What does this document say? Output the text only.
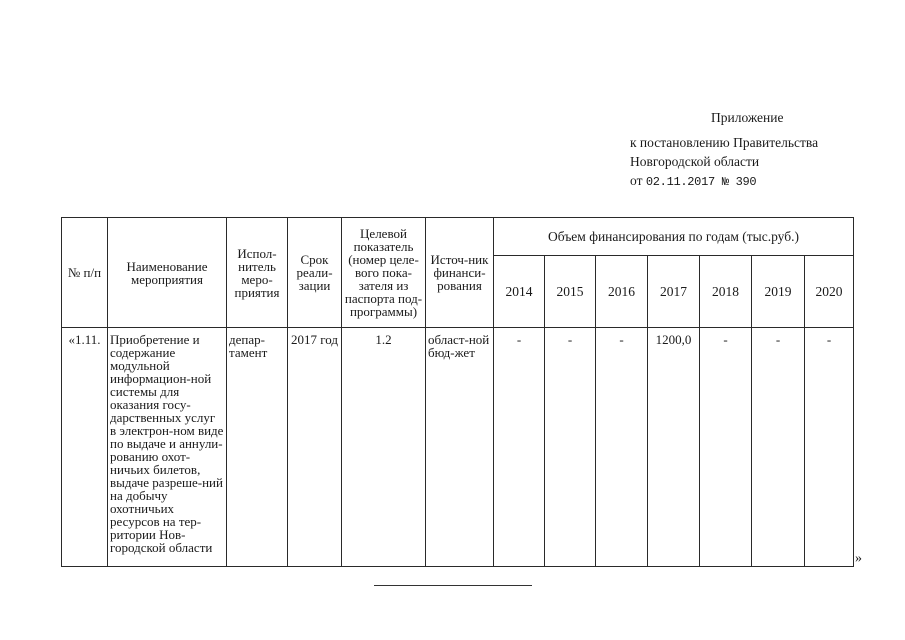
Приложение
к постановлению Правительства
Новгородской области
от 02.11.2017 № 390
№ п/п	Наименование мероприятия	Испол-нитель меро-приятия	Срок реали-зации	Целевой показатель (номер целе-вого пока-зателя из паспорта под-программы)	Источ-ник финанси-рования	Объем финансирования по годам (тыс.руб.)						
						2014	2015	2016	2017	2018	2019	2020
«1.11.	Приобретение и содержание модульной информацион-ной системы для оказания госу-дарственных услуг в электрон-ном виде по выдаче и аннули-рованию охот-ничьих билетов, выдаче разреше-ний на добычу охотничьих ресурсов на тер-ритории Нов-городской области	депар-тамент	2017 год	1.2	област-ной бюд-жет	-	-	-	1200,0	-	-	-
»
